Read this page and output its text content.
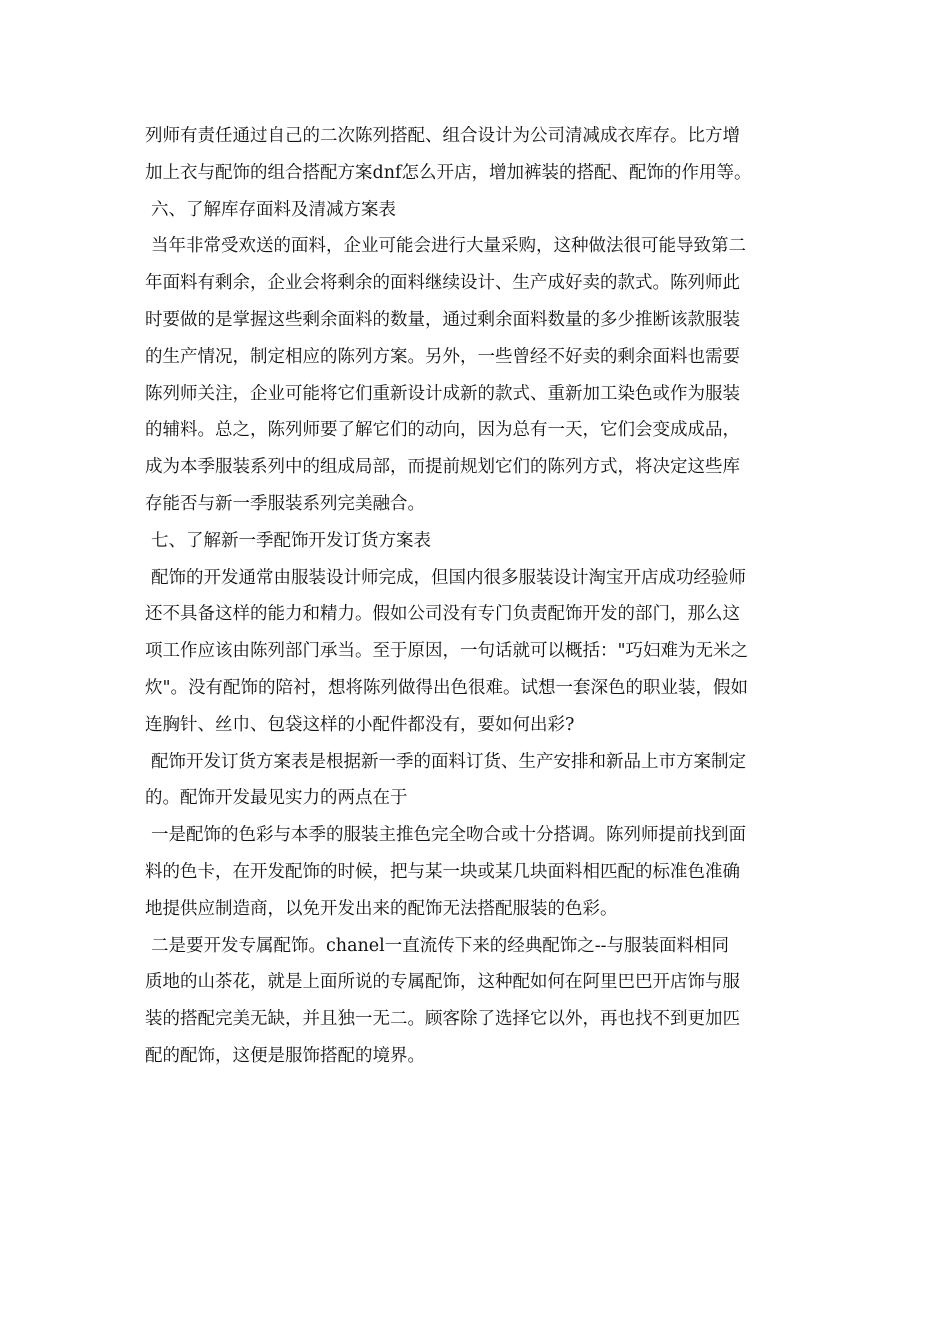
列师有责任通过自己的二次陈列搭配、组合设计为公司清减成衣库存。比方增
加上衣与配饰的组合搭配方案dnf怎么开店，增加裤装的搭配、配饰的作用等。
六、了解库存面料及清减方案表
当年非常受欢送的面料，企业可能会进行大量采购，这种做法很可能导致第二
年面料有剩余，企业会将剩余的面料继续设计、生产成好卖的款式。陈列师此
时要做的是掌握这些剩余面料的数量，通过剩余面料数量的多少推断该款服装
的生产情况，制定相应的陈列方案。另外，一些曾经不好卖的剩余面料也需要
陈列师关注，企业可能将它们重新设计成新的款式、重新加工染色或作为服装
的辅料。总之，陈列师要了解它们的动向，因为总有一天，它们会变成成品，
成为本季服装系列中的组成局部，而提前规划它们的陈列方式，将决定这些库
存能否与新一季服装系列完美融合。
七、了解新一季配饰开发订货方案表
配饰的开发通常由服装设计师完成，但国内很多服装设计淘宝开店成功经验师
还不具备这样的能力和精力。假如公司没有专门负责配饰开发的部门，那么这
项工作应该由陈列部门承当。至于原因，一句话就可以概括："巧妇难为无米之
炊"。没有配饰的陪衬，想将陈列做得出色很难。试想一套深色的职业装，假如
连胸针、丝巾、包袋这样的小配件都没有，要如何出彩?
配饰开发订货方案表是根据新一季的面料订货、生产安排和新品上市方案制定
的。配饰开发最见实力的两点在于
一是配饰的色彩与本季的服装主推色完全吻合或十分搭调。陈列师提前找到面
料的色卡，在开发配饰的时候，把与某一块或某几块面料相匹配的标准色准确
地提供应制造商，以免开发出来的配饰无法搭配服装的色彩。
二是要开发专属配饰。chanel一直流传下来的经典配饰之--与服装面料相同
质地的山茶花，就是上面所说的专属配饰，这种配如何在阿里巴巴开店饰与服
装的搭配完美无缺，并且独一无二。顾客除了选择它以外，再也找不到更加匹
配的配饰，这便是服饰搭配的境界。
